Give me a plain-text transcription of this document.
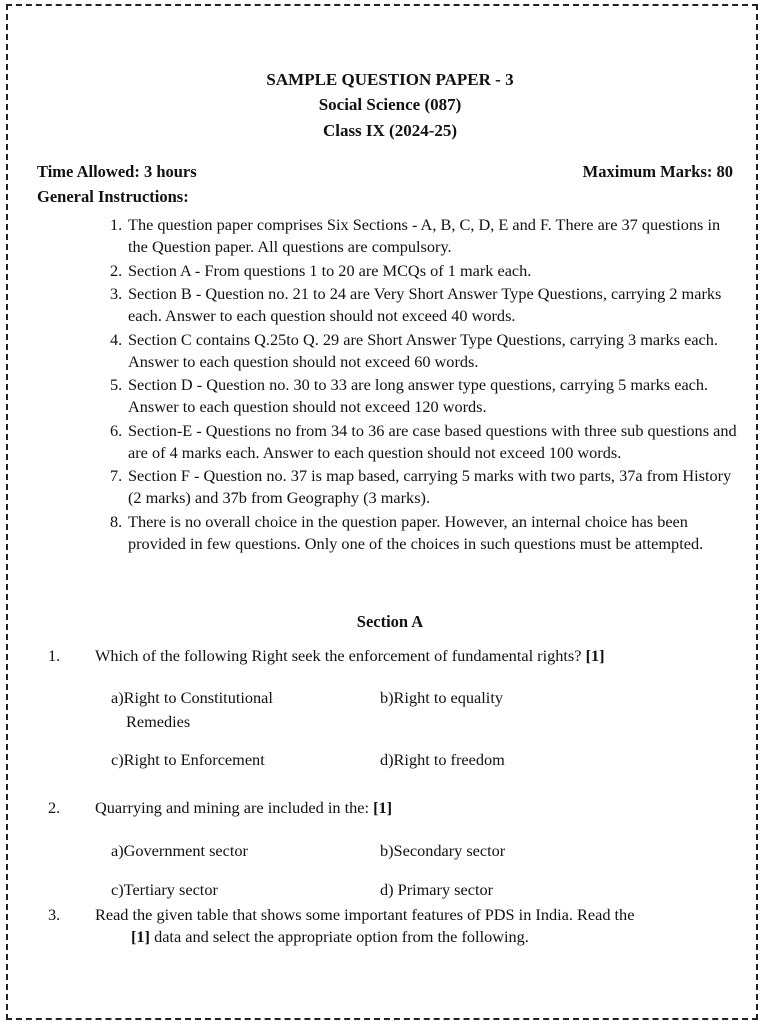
SAMPLE QUESTION PAPER - 3
Social Science (087)
Class IX (2024-25)
Time Allowed: 3 hours	Maximum Marks: 80
General Instructions:
1. The question paper comprises Six Sections - A, B, C, D, E and F. There are 37 questions in the Question paper. All questions are compulsory.
2. Section A - From questions 1 to 20 are MCQs of 1 mark each.
3. Section B - Question no. 21 to 24 are Very Short Answer Type Questions, carrying 2 marks each. Answer to each question should not exceed 40 words.
4. Section C contains Q.25to Q. 29 are Short Answer Type Questions, carrying 3 marks each. Answer to each question should not exceed 60 words.
5. Section D - Question no. 30 to 33 are long answer type questions, carrying 5 marks each. Answer to each question should not exceed 120 words.
6. Section-E - Questions no from 34 to 36 are case based questions with three sub questions and are of 4 marks each. Answer to each question should not exceed 100 words.
7. Section F - Question no. 37 is map based, carrying 5 marks with two parts, 37a from History (2 marks) and 37b from Geography (3 marks).
8. There is no overall choice in the question paper. However, an internal choice has been provided in few questions. Only one of the choices in such questions must be attempted.
Section A
1. Which of the following Right seek the enforcement of fundamental rights? [1]
a)Right to Constitutional
Remedies
b)Right to equality
c)Right to Enforcement	d)Right to freedom
2. Quarrying and mining are included in the: [1]
a)Government sector	b)Secondary sector
c)Tertiary sector	d) Primary sector
3. Read the given table that shows some important features of PDS in India. Read the
[1] data and select the appropriate option from the following.
